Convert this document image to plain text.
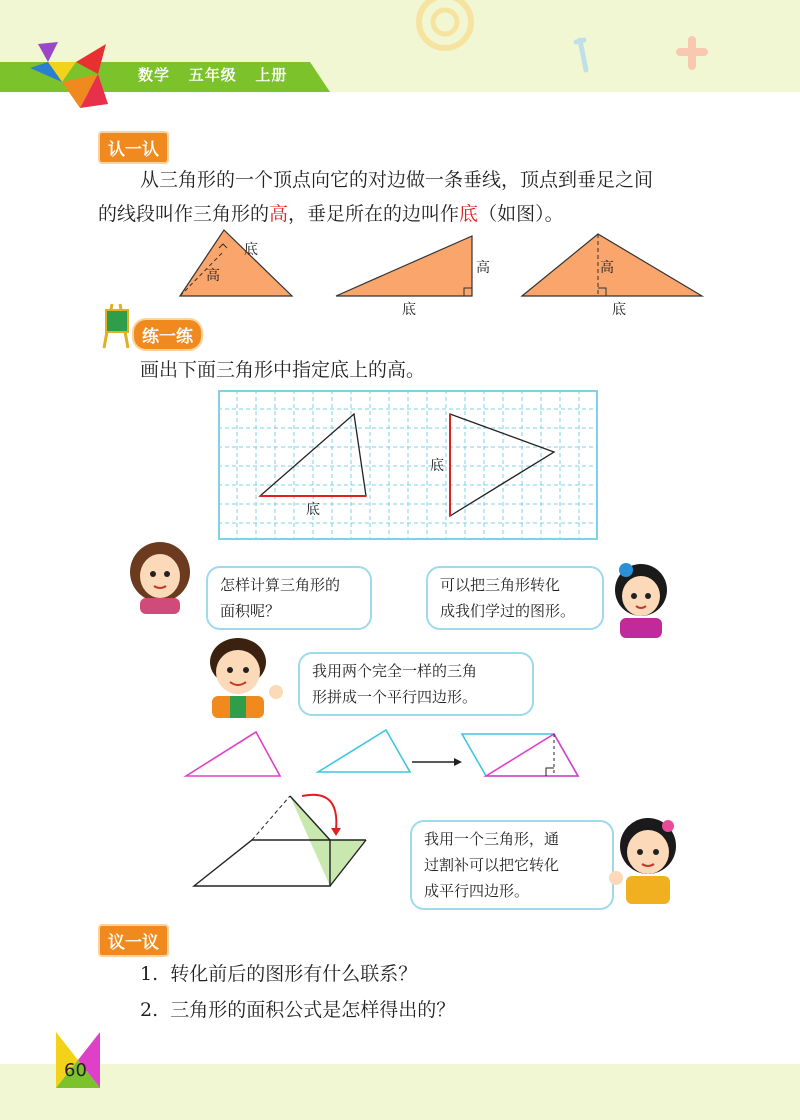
数学 五年级 上册
认一认
从三角形的一个顶点向它的对边做一条垂线，顶点到垂足之间
的线段叫作三角形的高，垂足所在的边叫作底（如图）。
底
高	高
底
高
底
练一练
画出下面三角形中指定底上的高。
底
底
怎样计算三角形的
面积呢？
可以把三角形转化
成我们学过的图形。
我用两个完全一样的三角
形拼成一个平行四边形。
我用一个三角形，通
过割补可以把它转化
成平行四边形。
议一议
1. 转化前后的图形有什么联系？
2. 三角形的面积公式是怎样得出的？
60
